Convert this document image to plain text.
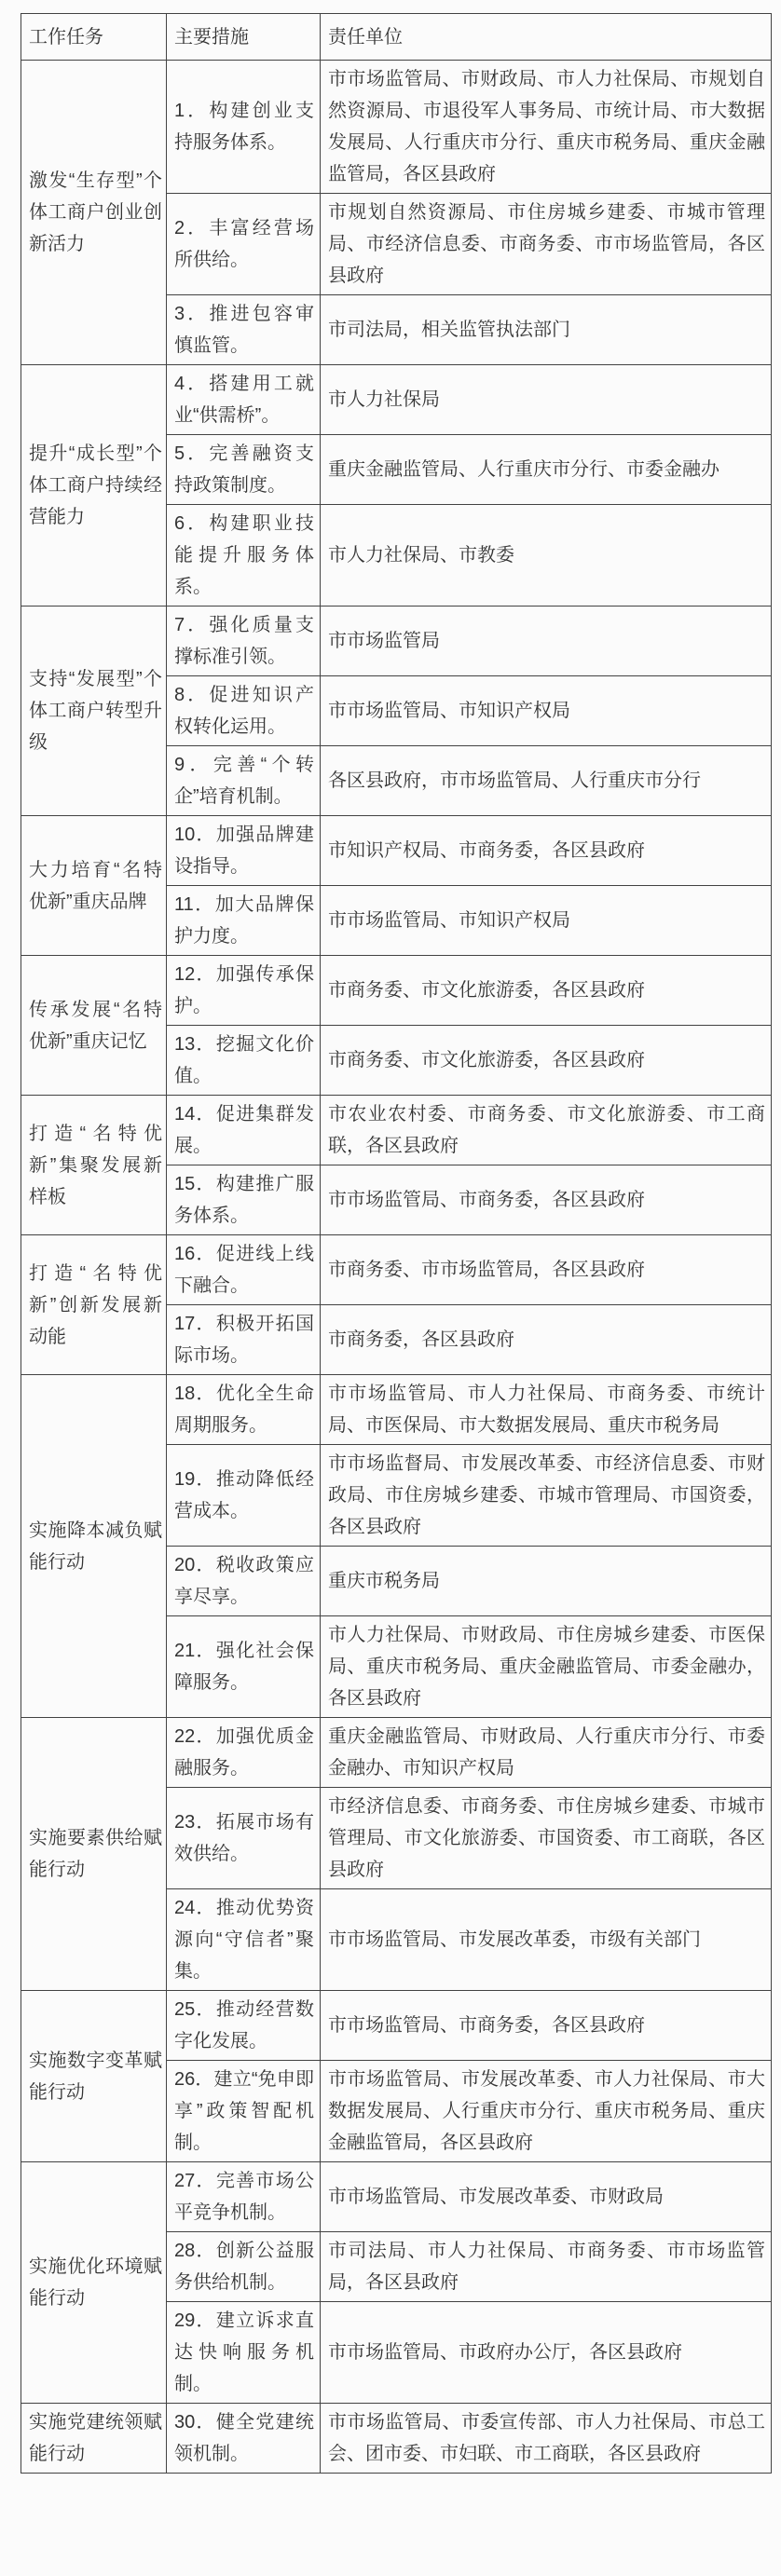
工作任务	主要措施	责任单位
激发“生存型”个体工商户创业创新活力	1．构建创业支持服务体系。	市市场监管局、市财政局、市人力社保局、市规划自然资源局、市退役军人事务局、市统计局、市大数据发展局、人行重庆市分行、重庆市税务局、重庆金融监管局，各区县政府
	2．丰富经营场所供给。	市规划自然资源局、市住房城乡建委、市城市管理局、市经济信息委、市商务委、市市场监管局，各区县政府
	3．推进包容审慎监管。	市司法局，相关监管执法部门
提升“成长型”个体工商户持续经营能力	4．搭建用工就业“供需桥”。	市人力社保局
	5．完善融资支持政策制度。	重庆金融监管局、人行重庆市分行、市委金融办
	6．构建职业技能提升服务体系。	市人力社保局、市教委
支持“发展型”个体工商户转型升级	7．强化质量支撑标准引领。	市市场监管局
	8．促进知识产权转化运用。	市市场监管局、市知识产权局
	9．完善“个转企”培育机制。	各区县政府，市市场监管局、人行重庆市分行
大力培育“名特优新”重庆品牌	10．加强品牌建设指导。	市知识产权局、市商务委，各区县政府
	11．加大品牌保护力度。	市市场监管局、市知识产权局
传承发展“名特优新”重庆记忆	12．加强传承保护。	市商务委、市文化旅游委，各区县政府
	13．挖掘文化价值。	市商务委、市文化旅游委，各区县政府
打造“名特优新”集聚发展新样板	14．促进集群发展。	市农业农村委、市商务委、市文化旅游委、市工商联，各区县政府
	15．构建推广服务体系。	市市场监管局、市商务委，各区县政府
打造“名特优新”创新发展新动能	16．促进线上线下融合。	市商务委、市市场监管局，各区县政府
	17．积极开拓国际市场。	市商务委，各区县政府
实施降本减负赋能行动	18．优化全生命周期服务。	市市场监管局、市人力社保局、市商务委、市统计局、市医保局、市大数据发展局、重庆市税务局
	19．推动降低经营成本。	市市场监督局、市发展改革委、市经济信息委、市财政局、市住房城乡建委、市城市管理局、市国资委，各区县政府
	20．税收政策应享尽享。	重庆市税务局
	21．强化社会保障服务。	市人力社保局、市财政局、市住房城乡建委、市医保局、重庆市税务局、重庆金融监管局、市委金融办，各区县政府
实施要素供给赋能行动	22．加强优质金融服务。	重庆金融监管局、市财政局、人行重庆市分行、市委金融办、市知识产权局
	23．拓展市场有效供给。	市经济信息委、市商务委、市住房城乡建委、市城市管理局、市文化旅游委、市国资委、市工商联，各区县政府
	24．推动优势资源向“守信者”聚集。	市市场监管局、市发展改革委，市级有关部门
实施数字变革赋能行动	25．推动经营数字化发展。	市市场监管局、市商务委，各区县政府
	26．建立“免申即享”政策智配机制。	市市场监管局、市发展改革委、市人力社保局、市大数据发展局、人行重庆市分行、重庆市税务局、重庆金融监管局，各区县政府
实施优化环境赋能行动	27．完善市场公平竞争机制。	市市场监管局、市发展改革委、市财政局
	28．创新公益服务供给机制。	市司法局、市人力社保局、市商务委、市市场监管局，各区县政府
	29．建立诉求直达快响服务机制。	市市场监管局、市政府办公厅，各区县政府
实施党建统领赋能行动	30．健全党建统领机制。	市市场监管局、市委宣传部、市人力社保局、市总工会、团市委、市妇联、市工商联，各区县政府
